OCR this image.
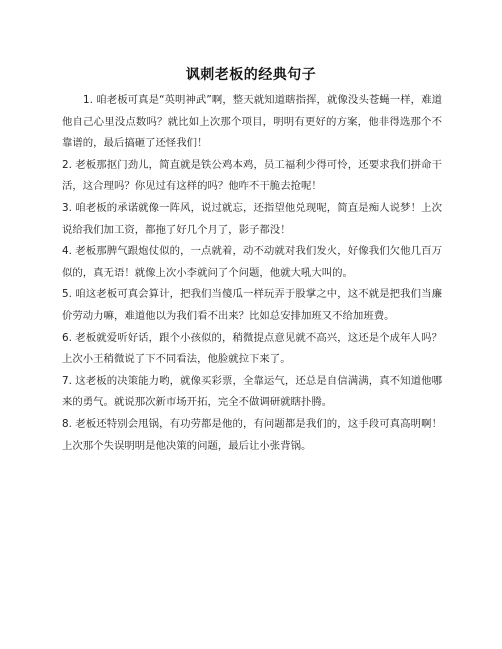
讽刺老板的经典句子

1. 咱老板可真是“英明神武”啊，整天就知道瞎指挥，就像没头苍蝇一样，难道他自己心里没点数吗？就比如上次那个项目，明明有更好的方案，他非得选那个不靠谱的，最后搞砸了还怪我们！

2. 老板那抠门劲儿，简直就是铁公鸡本鸡，员工福利少得可怜，还要求我们拼命干活，这合理吗？你见过有这样的吗？他咋不干脆去抢呢！

3. 咱老板的承诺就像一阵风，说过就忘，还指望他兑现呢，简直是痴人说梦！上次说给我们加工资，都拖了好几个月了，影子都没！

4. 老板那脾气跟炮仗似的，一点就着，动不动就对我们发火，好像我们欠他几百万似的，真无语！就像上次小李就问了个问题，他就大吼大叫的。

5. 咱这老板可真会算计，把我们当傻瓜一样玩弄于股掌之中，这不就是把我们当廉价劳动力嘛，难道他以为我们看不出来？比如总安排加班又不给加班费。

6. 老板就爱听好话，跟个小孩似的，稍微提点意见就不高兴，这还是个成年人吗？上次小王稍微说了下不同看法，他脸就拉下来了。

7. 这老板的决策能力哟，就像买彩票，全靠运气，还总是自信满满，真不知道他哪来的勇气。就说那次新市场开拓，完全不做调研就瞎扑腾。

8. 老板还特别会甩锅，有功劳都是他的，有问题都是我们的，这手段可真高明啊！上次那个失误明明是他决策的问题，最后让小张背锅。
